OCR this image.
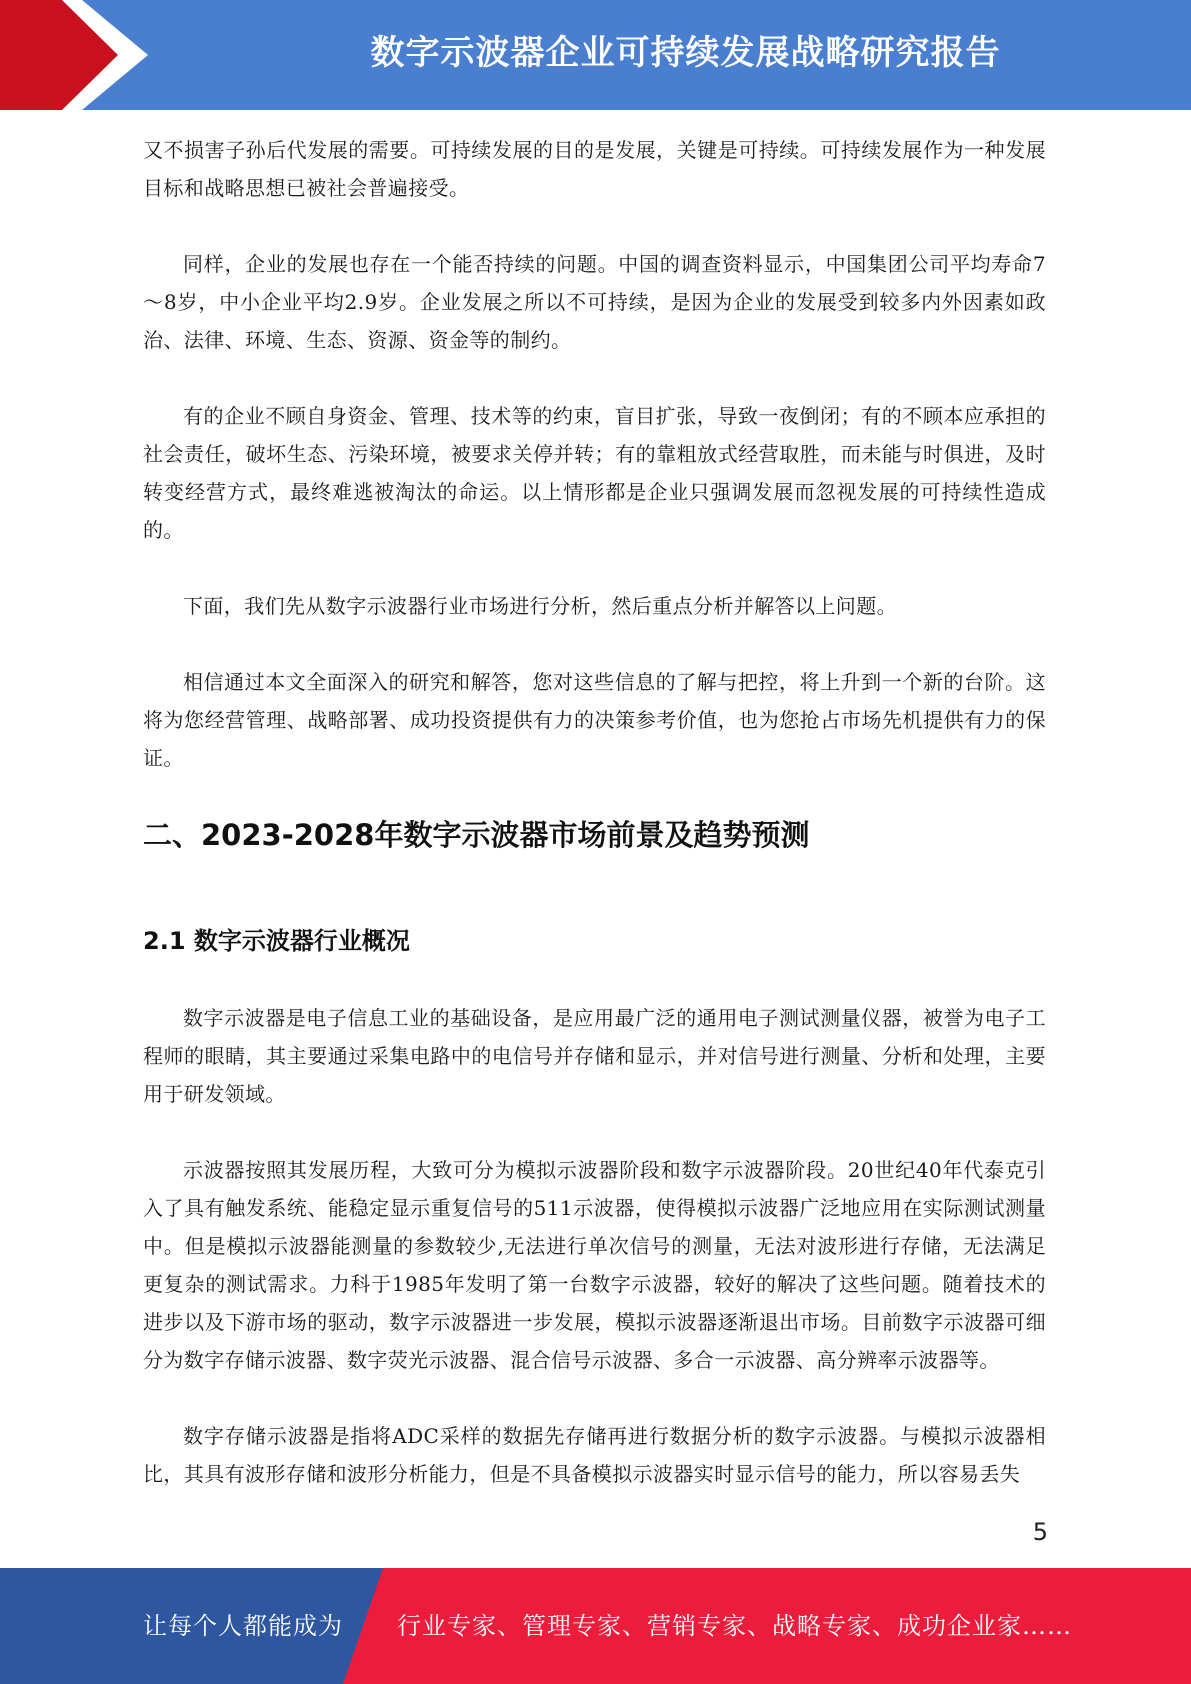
数字示波器企业可持续发展战略研究报告

又不损害子孙后代发展的需要。可持续发展的目的是发展，关键是可持续。可持续发展作为一种发展目标和战略思想已被社会普遍接受。

同样，企业的发展也存在一个能否持续的问题。中国的调查资料显示，中国集团公司平均寿命7～8岁，中小企业平均2.9岁。企业发展之所以不可持续，是因为企业的发展受到较多内外因素如政治、法律、环境、生态、资源、资金等的制约。

有的企业不顾自身资金、管理、技术等的约束，盲目扩张，导致一夜倒闭；有的不顾本应承担的社会责任，破坏生态、污染环境，被要求关停并转；有的靠粗放式经营取胜，而未能与时俱进，及时转变经营方式，最终难逃被淘汰的命运。以上情形都是企业只强调发展而忽视发展的可持续性造成的。

下面，我们先从数字示波器行业市场进行分析，然后重点分析并解答以上问题。

相信通过本文全面深入的研究和解答，您对这些信息的了解与把控，将上升到一个新的台阶。这将为您经营管理、战略部署、成功投资提供有力的决策参考价值，也为您抢占市场先机提供有力的保证。

二、2023-2028年数字示波器市场前景及趋势预测
2.1 数字示波器行业概况

数字示波器是电子信息工业的基础设备，是应用最广泛的通用电子测试测量仪器，被誉为电子工程师的眼睛，其主要通过采集电路中的电信号并存储和显示，并对信号进行测量、分析和处理，主要用于研发领域。

示波器按照其发展历程，大致可分为模拟示波器阶段和数字示波器阶段。20世纪40年代泰克引入了具有触发系统、能稳定显示重复信号的511示波器，使得模拟示波器广泛地应用在实际测试测量中。但是模拟示波器能测量的参数较少,无法进行单次信号的测量，无法对波形进行存储，无法满足更复杂的测试需求。力科于1985年发明了第一台数字示波器，较好的解决了这些问题。随着技术的进步以及下游市场的驱动，数字示波器进一步发展，模拟示波器逐渐退出市场。目前数字示波器可细分为数字存储示波器、数字荧光示波器、混合信号示波器、多合一示波器、高分辨率示波器等。

数字存储示波器是指将ADC采样的数据先存储再进行数据分析的数字示波器。与模拟示波器相比，其具有波形存储和波形分析能力，但是不具备模拟示波器实时显示信号的能力，所以容易丢失

5
让每个人都能成为 行业专家、管理专家、营销专家、战略专家、成功企业家……
